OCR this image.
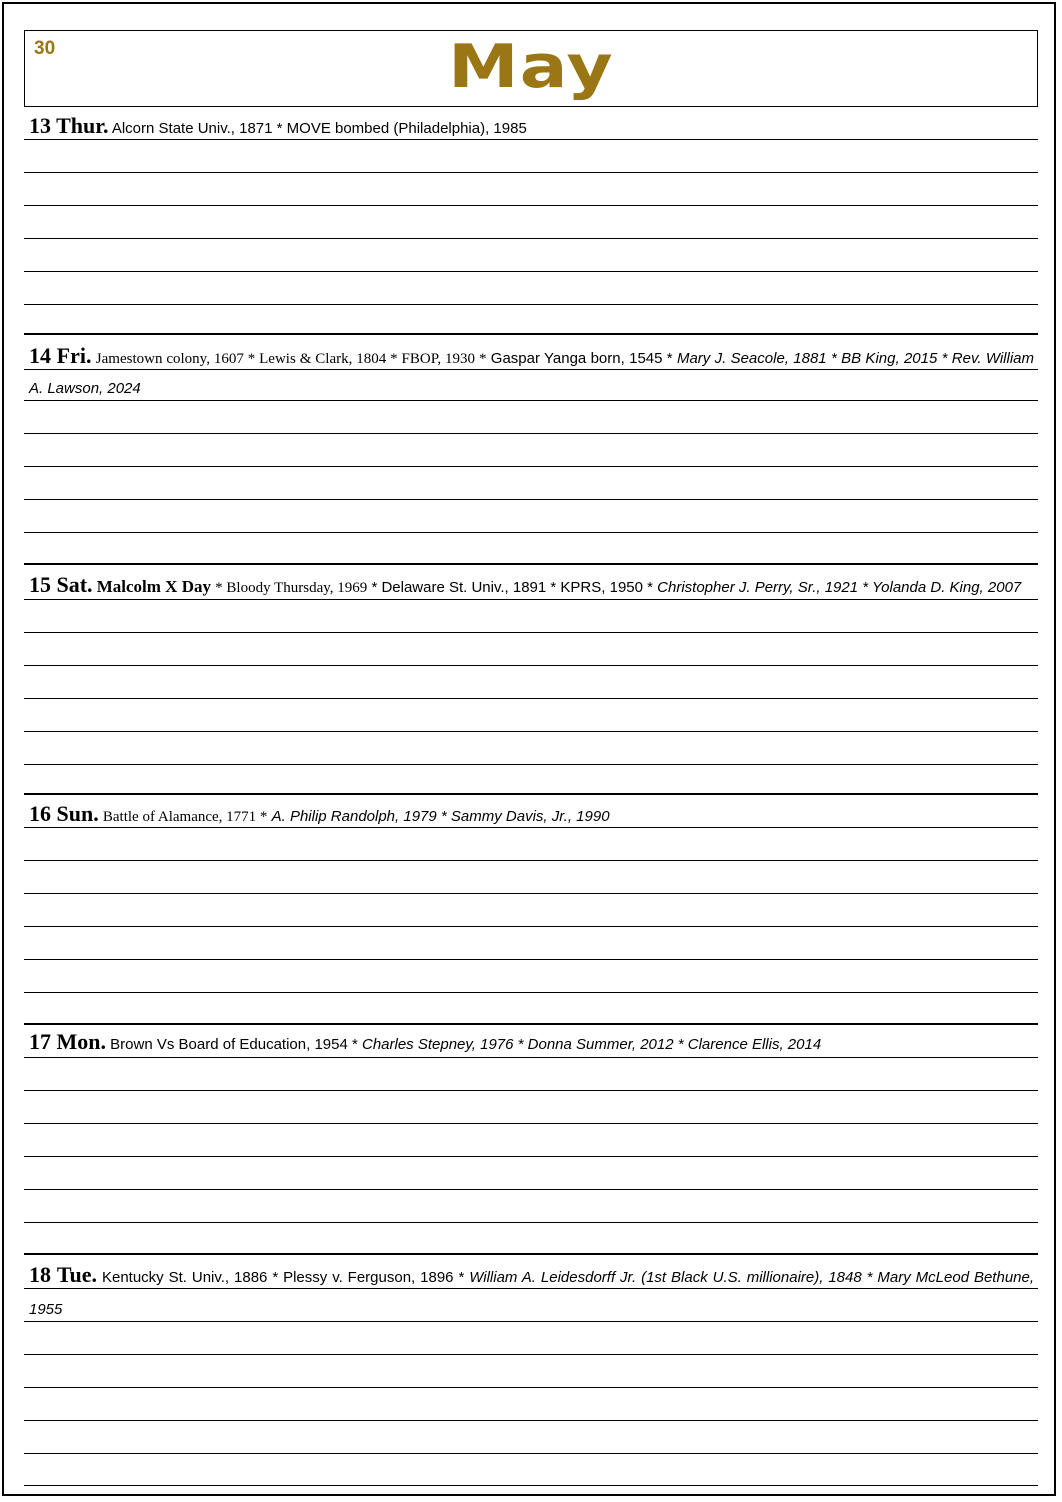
30	May
13 Thur. Alcorn State Univ., 1871 * MOVE bombed (Philadelphia), 1985
14 Fri. Jamestown colony, 1607 * Lewis & Clark, 1804 * FBOP, 1930 * Gaspar Yanga born, 1545 * Mary J. Seacole, 1881 * BB King, 2015 * Rev. William A. Lawson, 2024
15 Sat. Malcolm X Day * Bloody Thursday, 1969 * Delaware St. Univ., 1891 * KPRS, 1950 * Christopher J. Perry, Sr., 1921 * Yolanda D. King, 2007
16 Sun. Battle of Alamance, 1771 * A. Philip Randolph, 1979 * Sammy Davis, Jr., 1990
17 Mon. Brown Vs Board of Education, 1954 * Charles Stepney, 1976 * Donna Summer, 2012 * Clarence Ellis, 2014
18 Tue. Kentucky St. Univ., 1886 * Plessy v. Ferguson, 1896 * William A. Leidesdorff Jr. (1st Black U.S. millionaire), 1848 * Mary McLeod Bethune, 1955
